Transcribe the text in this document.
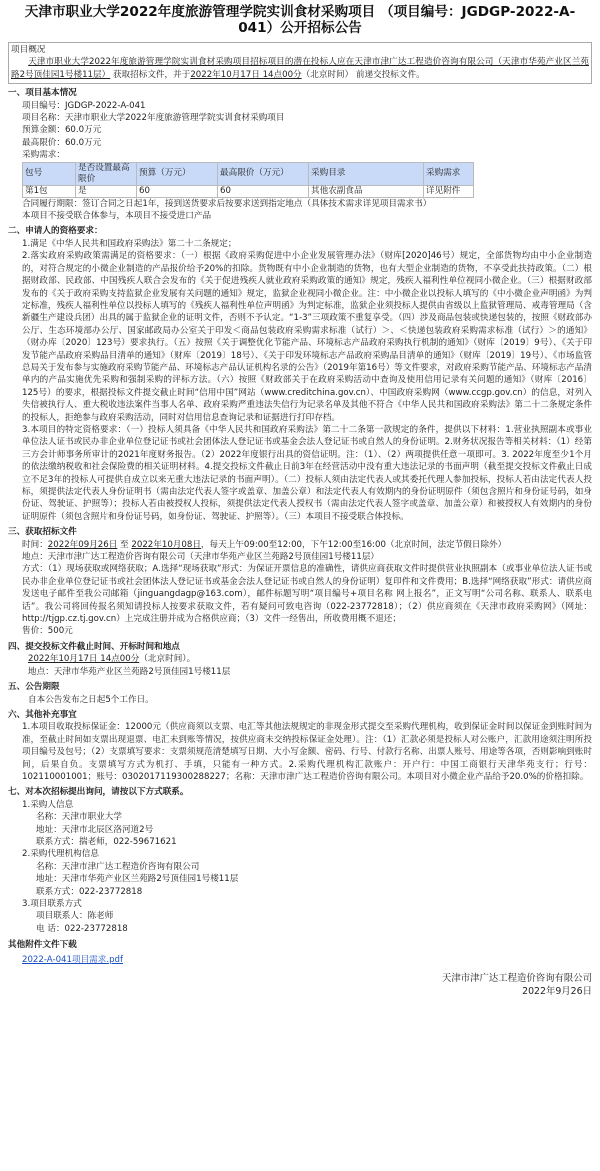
天津市职业大学2022年度旅游管理学院实训食材采购项目 （项目编号：JGDGP-2022-A-041）公开招标公告
项目概况
天津市职业大学2022年度旅游管理学院实训食材采购项目招标项目的潜在投标人应在天津市津广达工程造价咨询有限公司（天津市华苑产业区兰苑路2号顶佳园1号楼11层） 获取招标文件，并于2022年10月17日 14点00分（北京时间） 前递交投标文件。
一、项目基本情况
项目编号：JGDGP-2022-A-041
项目名称：天津市职业大学2022年度旅游管理学院实训食材采购项目
预算金额：60.0万元
最高限价：60.0万元
采购需求：
包号	是否设置最高限价	预算（万元）	最高限价（万元）	采购目录	采购需求
第1包	是	60	60	其他农副食品	详见附件
合同履行期限：签订合同之日起1年，接到送货要求后按要求送到指定地点（具体技术需求详见项目需求书）
本项目不接受联合体参与，本项目不接受进口产品
二、申请人的资格要求：
1.满足《中华人民共和国政府采购法》第二十二条规定；
2.落实政府采购政策需满足的资格要求：（一）根据《政府采购促进中小企业发展管理办法》（财库[2020]46号）规定，全部货物均由中小企业制造的，对符合规定的小微企业制造的产品报价给予20%的扣除。货物既有中小企业制造的货物，也有大型企业制造的货物，不享受此扶持政策。（二）根据财政部、民政部、中国残疾人联合会发布的《关于促进残疾人就业政府采购政策的通知》规定，残疾人福利性单位视同小微企业。（三）根据财政部发布的《关于政府采购支持监狱企业发展有关问题的通知》规定，监狱企业视同小微企业。注：中小微企业以投标人填写的《中小微企业声明函》为判定标准，残疾人福利性单位以投标人填写的《残疾人福利性单位声明函》为判定标准，监狱企业须投标人提供由省级以上监狱管理局、戒毒管理局（含新疆生产建设兵团）出具的属于监狱企业的证明文件，否则不予认定。“1-3”三项政策不重复享受。（四）涉及商品包装或快递包装的，按照《财政部办公厅、生态环境部办公厅、国家邮政局办公室关于印发＜商品包装政府采购需求标准（试行）＞、＜快递包装政府采购需求标准（试行）＞的通知》（财办库〔2020〕123号）要求执行。（五）按照《关于调整优化节能产品、环境标志产品政府采购执行机制的通知》（财库〔2019〕9号）、《关于印发节能产品政府采购品目清单的通知》（财库〔2019〕18号）、《关于印发环境标志产品政府采购品目清单的通知》（财库〔2019〕19号）、《市场监管总局关于发布参与实施政府采购节能产品、环境标志产品认证机构名录的公告》（2019年第16号）等文件要求，对政府采购节能产品、环境标志产品清单内的产品实施优先采购和强制采购的评标方法。（六）按照《财政部关于在政府采购活动中查询及使用信用记录有关问题的通知》（财库〔2016〕125号）的要求，根据投标文件提交截止时间“信用中国”网站（www.creditchina.gov.cn）、中国政府采购网（www.ccgp.gov.cn）的信息，对列入失信被执行人、重大税收违法案件当事人名单、政府采购严重违法失信行为记录名单及其他不符合《中华人民共和国政府采购法》第二十二条规定条件的投标人，拒绝参与政府采购活动，同时对信用信息查询记录和证据进行打印存档。
3.本项目的特定资格要求：（一）投标人须具备《中华人民共和国政府采购法》第二十二条第一款规定的条件，提供以下材料：1.营业执照副本或事业单位法人证书或民办非企业单位登记证书或社会团体法人登记证书或基金会法人登记证书或自然人的身份证明。2.财务状况报告等相关材料：（1）经第三方会计师事务所审计的2021年度财务报告。（2）2022年度银行出具的资信证明。注：（1）、（2）两项提供任意一项即可。3. 2022年度至少1个月的依法缴纳税收和社会保险费的相关证明材料。4.提交投标文件截止日前3年在经营活动中没有重大违法记录的书面声明（截至提交投标文件截止日成立不足3年的投标人可提供自成立以来无重大违法记录的书面声明）。（二）投标人须由法定代表人或其委托代理人参加投标，投标人若由法定代表人投标，须提供法定代表人身份证明书（需由法定代表人签字或盖章、加盖公章）和法定代表人有效期内的身份证明原件（须包含照片和身份证号码，如身份证、驾驶证、护照等）；投标人若由被授权人投标，须提供法定代表人授权书（需由法定代表人签字或盖章、加盖公章）和被授权人有效期内的身份证明原件（须包含照片和身份证号码，如身份证、驾驶证、护照等）。（三）本项目不接受联合体投标。
三、获取招标文件
时间：2022年09月26日 至 2022年10月08日，每天上午09:00至12:00，下午12:00至16:00（北京时间，法定节假日除外）
地点：天津市津广达工程造价咨询有限公司（天津市华苑产业区兰苑路2号顶佳园1号楼11层）
方式：（1）现场获取或网络获取；A.选择“现场获取”形式：为保证开票信息的准确性，请供应商获取文件时提供营业执照副本（或事业单位法人证书或民办非企业单位登记证书或社会团体法人登记证书或基金会法人登记证书或自然人的身份证明）复印件和文件费用；B.选择“网络获取”形式：请供应商发送电子邮件至我公司邮箱（jinguangdagp@163.com），邮件标题写明“项目编号+项目名称 网上报名”，正文写明“公司名称、联系人、联系电话”。我公司将回传报名须知请投标人按要求获取文件，若有疑问可致电咨询（022-23772818）；（2）供应商须在《天津市政府采购网》（网址：http://tjgp.cz.tj.gov.cn）上完成注册并成为合格供应商；（3）文件一经售出，所收费用概不退还；
售价：500元
四、提交投标文件截止时间、开标时间和地点
2022年10月17日 14点00分（北京时间）。
地点：天津市华苑产业区兰苑路2号顶佳园1号楼11层
五、公告期限
自本公告发布之日起5个工作日。
六、其他补充事宜
1.本项目收取投标保证金：12000元（供应商须以支票、电汇等其他法规规定的非现金形式提交至采购代理机构，收到保证金时间以保证金到账时间为准，至截止时间如支票出现退票、电汇未到账等情况，按供应商未交纳投标保证金处理）。注：（1）汇款必须是投标人对公账户，汇款用途须注明所投项目编号及包号；（2）支票填写要求：支票须规范清楚填写日期、大小写金额、密码、行号、付款行名称、出票人账号、用途等各项，否则影响到账时间，后果自负。支票填写方式为机打、手填，只能有一种方式。2.采购代理机构汇款账户：开户行：中国工商银行天津华苑支行；行号：102110001001；账号：0302017119300288227；名称：天津市津广达工程造价咨询有限公司。本项目对小微企业产品给予20.0%的价格扣除。
七、对本次招标提出询问，请按以下方式联系。
1.采购人信息
名称：天津市职业大学
地址：天津市北辰区洛河道2号
联系方式：揣老师，022-59671621
2.采购代理机构信息
名称：天津市津广达工程造价咨询有限公司
地址：天津市华苑产业区兰苑路2号顶佳园1号楼11层
联系方式：022-23772818
3.项目联系方式
项目联系人：陈老师
电 话：022-23772818
其他附件文件下载
2022-A-041项目需求.pdf
天津市津广达工程造价咨询有限公司
2022年9月26日
